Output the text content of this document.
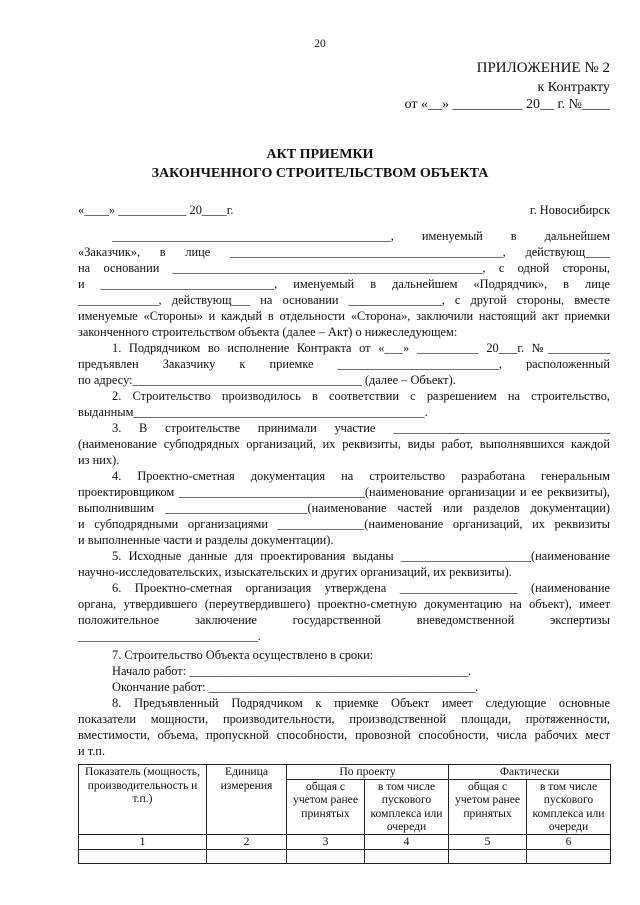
20
ПРИЛОЖЕНИЕ № 2
к Контракту
от «__» __________ 20__ г. №____
АКТ ПРИЕМКИ
ЗАКОНЧЕННОГО СТРОИТЕЛЬСТВОМ ОБЪЕКТА
«____» ___________ 20____г.	г. Новосибирск
_____________________________________________, именуемый в дальнейшем
«Заказчик», в лице ____________________________________________, действующ____
на основании __________________________________________________, с одной стороны,
и ____________________________, именуемый в дальнейшем «Подрядчик», в лице
_____________, действующ___ на основании _______________, с другой стороны, вместе
именуемые «Стороны» и каждый в отдельности «Сторона», заключили настоящий акт приемки
законченного строительством объекта (далее – Акт) о нижеследующем:
1. Подрядчиком во исполнение Контракта от «___» __________ 20___г. №__________
предъявлен Заказчику к приемке __________________________, расположенный
по адресу:_____________________________________ (далее – Объект).
2. Строительство производилось в соответствии с разрешением на строительство,
выданным_______________________________________________.
3. В строительстве принимали участие ___________________________________
(наименование субподрядных организаций, их реквизиты, виды работ, выполнявшихся каждой
из них).
4. Проектно-сметная документация на строительство разработана генеральным
проектировщиком ______________________________(наименование организации и ее реквизиты),
выполнившим _______________________(наименование частей или разделов документации)
и субподрядными организациями ______________(наименование организаций, их реквизиты
и выполненные части и разделы документации).
5. Исходные данные для проектирования выданы _____________________(наименование
научно-исследовательских, изыскательских и других организаций, их реквизиты).
6. Проектно-сметная организация утверждена ___________________ (наименование
органа, утвердившего (переутвердившего) проектно-сметную документацию на объект), имеет
положительное заключение государственной вневедомственной экспертизы
_____________________________.
7. Строительство Объекта осуществлено в сроки:
Начало работ: _____________________________________________.
Окончание работ: ___________________________________________.
8. Предъявленный Подрядчиком к приемке Объект имеет следующие основные
показатели мощности, производительности, производственной площади, протяженности,
вместимости, объема, пропускной способности, провозной способности, числа рабочих мест
и т.п.
Показатель (мощность, производительность и т.п.)	Единица измерения	По проекту		Фактически	
		общая с учетом ранее принятых	в том числе пускового комплекса или очереди	общая с учетом ранее принятых	в том числе пускового комплекса или очереди
1	2	3	4	5	6
